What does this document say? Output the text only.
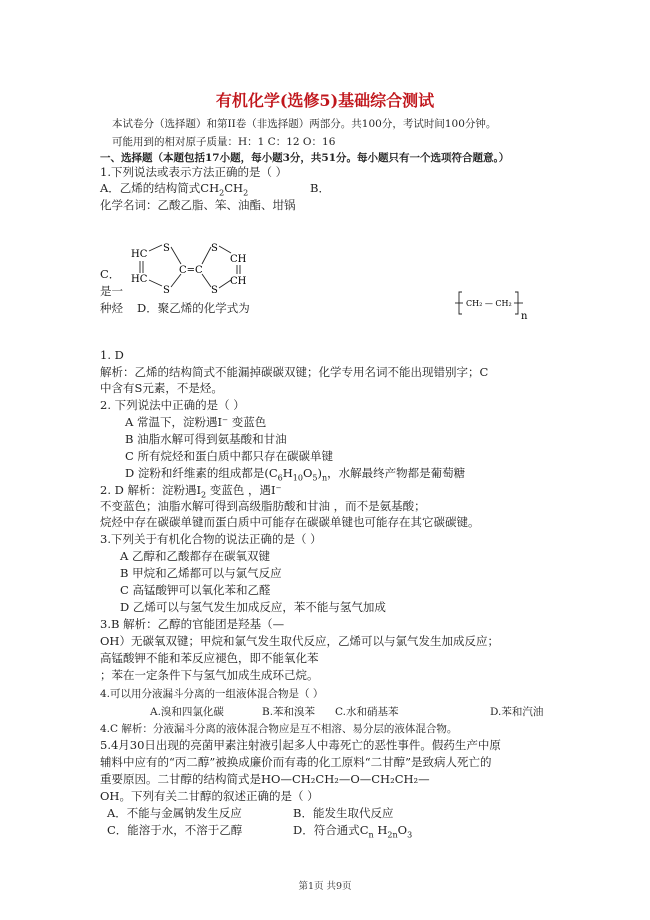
有机化学(选修5)基础综合测试
本试卷分（选择题）和第II卷（非选择题）两部分。共100分，考试时间100分钟。
可能用到的相对原子质量：H：1 C：12 O：16
一、选择题（本题包括17小题，每小题3分，共51分。每小题只有一个选项符合题意。）
1.下列说法或表示方法正确的是（ ）
A．乙烯的结构简式$CH_2CH_2$	B．
化学名词：乙酸乙脂、笨、油酯、坩锅
HC
HC
S
S
C=C
S
S
CH
CH
C．
是一
种烃 D．聚乙烯的化学式为	CH₂ — CH₂
n
1. D
解析：乙烯的结构简式不能漏掉碳碳双键；化学专用名词不能出现错别字；C
中含有S元素，不是烃。
2. 下列说法中正确的是（ ）
A 常温下，淀粉遇I⁻ 变蓝色
B 油脂水解可得到氨基酸和甘油
C 所有烷烃和蛋白质中都只存在碳碳单键
D 淀粉和纤维素的组成都是$(C_6H_{10}O_5)_n$，水解最终产物都是葡萄糖
2. D 解析：淀粉遇$I_2$ 变蓝色 ，遇I⁻
不变蓝色；油脂水解可得到高级脂肪酸和甘油 ，而不是氨基酸；
烷烃中存在碳碳单键而蛋白质中可能存在碳碳单键也可能存在其它碳碳键。
3.下列关于有机化合物的说法正确的是（ ）
A 乙醇和乙酸都存在碳氧双键
B 甲烷和乙烯都可以与氯气反应
C 高锰酸钾可以氧化苯和乙醛
D 乙烯可以与氢气发生加成反应，苯不能与氢气加成
3.B 解析：乙醇的官能团是羟基（—
OH）无碳氧双键；甲烷和氯气发生取代反应，乙烯可以与氯气发生加成反应；
高锰酸钾不能和苯反应褪色，即不能氧化苯
；苯在一定条件下与氢气加成生成环己烷。
4.可以用分液漏斗分离的一组液体混合物是（ ）
A.溴和四氯化碳	B.苯和溴苯 C.水和硝基苯	D.苯和汽油
4.C 解析：分液漏斗分离的液体混合物应是互不相溶、易分层的液体混合物。
5.4月30日出现的亮菌甲素注射液引起多人中毒死亡的恶性事件。假药生产中原
辅料中应有的“丙二醇”被换成廉价而有毒的化工原料“二甘醇”是致病人死亡的
重要原因。二甘醇的结构简式是HO—CH₂CH₂—O—CH₂CH₂—
OH。下列有关二甘醇的叙述正确的是（ ）
A．不能与金属钠发生反应	B．能发生取代反应
C．能溶于水，不溶于乙醇	D．符合通式$C_n$ $H_{2n}O_3$
第1页 共9页
